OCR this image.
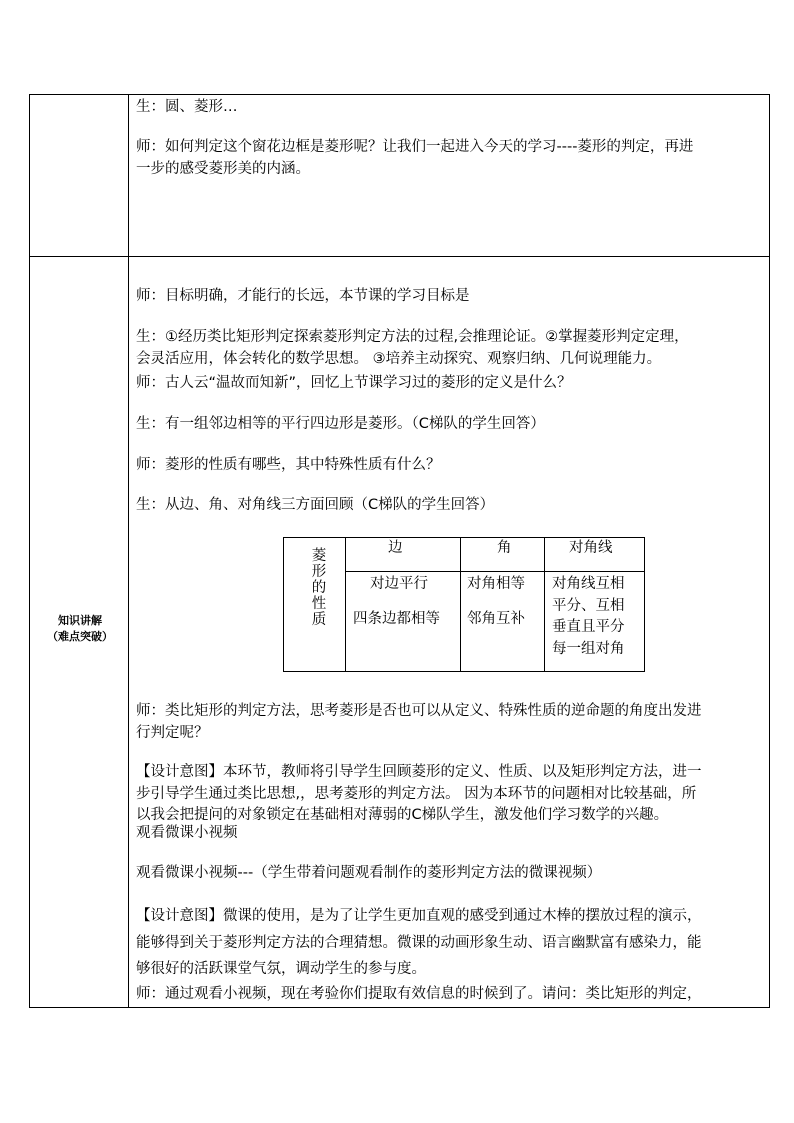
生：圆、菱形…
师：如何判定这个窗花边框是菱形呢？让我们一起进入今天的学习----菱形的判定，再进
一步的感受菱形美的内涵。
知识讲解
（难点突破）
师：目标明确，才能行的长远，本节课的学习目标是
生：①经历类比矩形判定探索菱形判定方法的过程,会推理论证。②掌握菱形判定定理，
会灵活应用，体会转化的数学思想。 ③培养主动探究、观察归纳、几何说理能力。
师：古人云“温故而知新”，回忆上节课学习过的菱形的定义是什么？
生：有一组邻边相等的平行四边形是菱形。（C梯队的学生回答）
师：菱形的性质有哪些，其中特殊性质有什么？
生：从边、角、对角线三方面回顾（C梯队的学生回答）
菱
形
的
性
质
边	角	对角线
对边平行
四条边都相等
对角相等
邻角互补
对角线互相
平分、互相
垂直且平分
每一组对角
师：类比矩形的判定方法，思考菱形是否也可以从定义、特殊性质的逆命题的角度出发进
行判定呢？
【设计意图】本环节，教师将引导学生回顾菱形的定义、性质、以及矩形判定方法，进一
步引导学生通过类比思想,，思考菱形的判定方法。 因为本环节的问题相对比较基础，所
以我会把提问的对象锁定在基础相对薄弱的C梯队学生，激发他们学习数学的兴趣。
观看微课小视频
观看微课小视频---（学生带着问题观看制作的菱形判定方法的微课视频）
【设计意图】微课的使用，是为了让学生更加直观的感受到通过木棒的摆放过程的演示，
能够得到关于菱形判定方法的合理猜想。微课的动画形象生动、语言幽默富有感染力，能
够很好的活跃课堂气氛，调动学生的参与度。
师：通过观看小视频，现在考验你们提取有效信息的时候到了。请问：类比矩形的判定，
